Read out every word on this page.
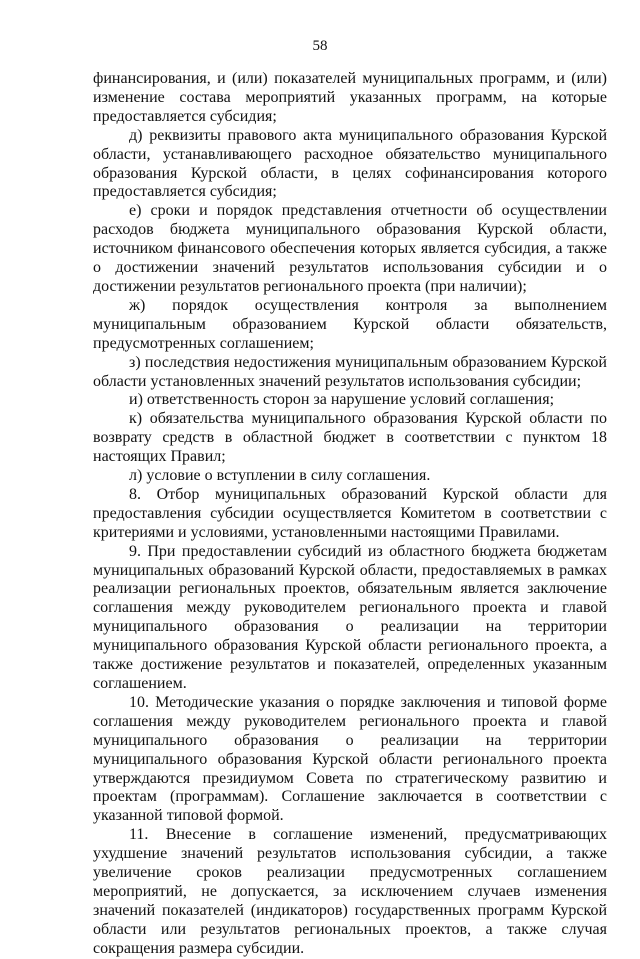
58

финансирования, и (или) показателей муниципальных программ, и (или) изменение состава мероприятий указанных программ, на которые предоставляется субсидия;

д) реквизиты правового акта муниципального образования Курской области, устанавливающего расходное обязательство муниципального образования Курской области, в целях софинансирования которого предоставляется субсидия;

е) сроки и порядок представления отчетности об осуществлении расходов бюджета муниципального образования Курской области, источником финансового обеспечения которых является субсидия, а также о достижении значений результатов использования субсидии и о достижении результатов регионального проекта (при наличии);

ж) порядок осуществления контроля за выполнением муниципальным образованием Курской области обязательств, предусмотренных соглашением;

з) последствия недостижения муниципальным образованием Курской области установленных значений результатов использования субсидии;

и) ответственность сторон за нарушение условий соглашения;

к) обязательства муниципального образования Курской области по возврату средств в областной бюджет в соответствии с пунктом 18 настоящих Правил;

л) условие о вступлении в силу соглашения.

8. Отбор муниципальных образований Курской области для предоставления субсидии осуществляется Комитетом в соответствии с критериями и условиями, установленными настоящими Правилами.

9. При предоставлении субсидий из областного бюджета бюджетам муниципальных образований Курской области, предоставляемых в рамках реализации региональных проектов, обязательным является заключение соглашения между руководителем регионального проекта и главой муниципального образования о реализации на территории муниципального образования Курской области регионального проекта, а также достижение результатов и показателей, определенных указанным соглашением.

10. Методические указания о порядке заключения и типовой форме соглашения между руководителем регионального проекта и главой муниципального образования о реализации на территории муниципального образования Курской области регионального проекта утверждаются президиумом Совета по стратегическому развитию и проектам (программам). Соглашение заключается в соответствии с указанной типовой формой.

11. Внесение в соглашение изменений, предусматривающих ухудшение значений результатов использования субсидии, а также увеличение сроков реализации предусмотренных соглашением мероприятий, не допускается, за исключением случаев изменения значений показателей (индикаторов) государственных программ Курской области или результатов региональных проектов, а также случая сокращения размера субсидии.
